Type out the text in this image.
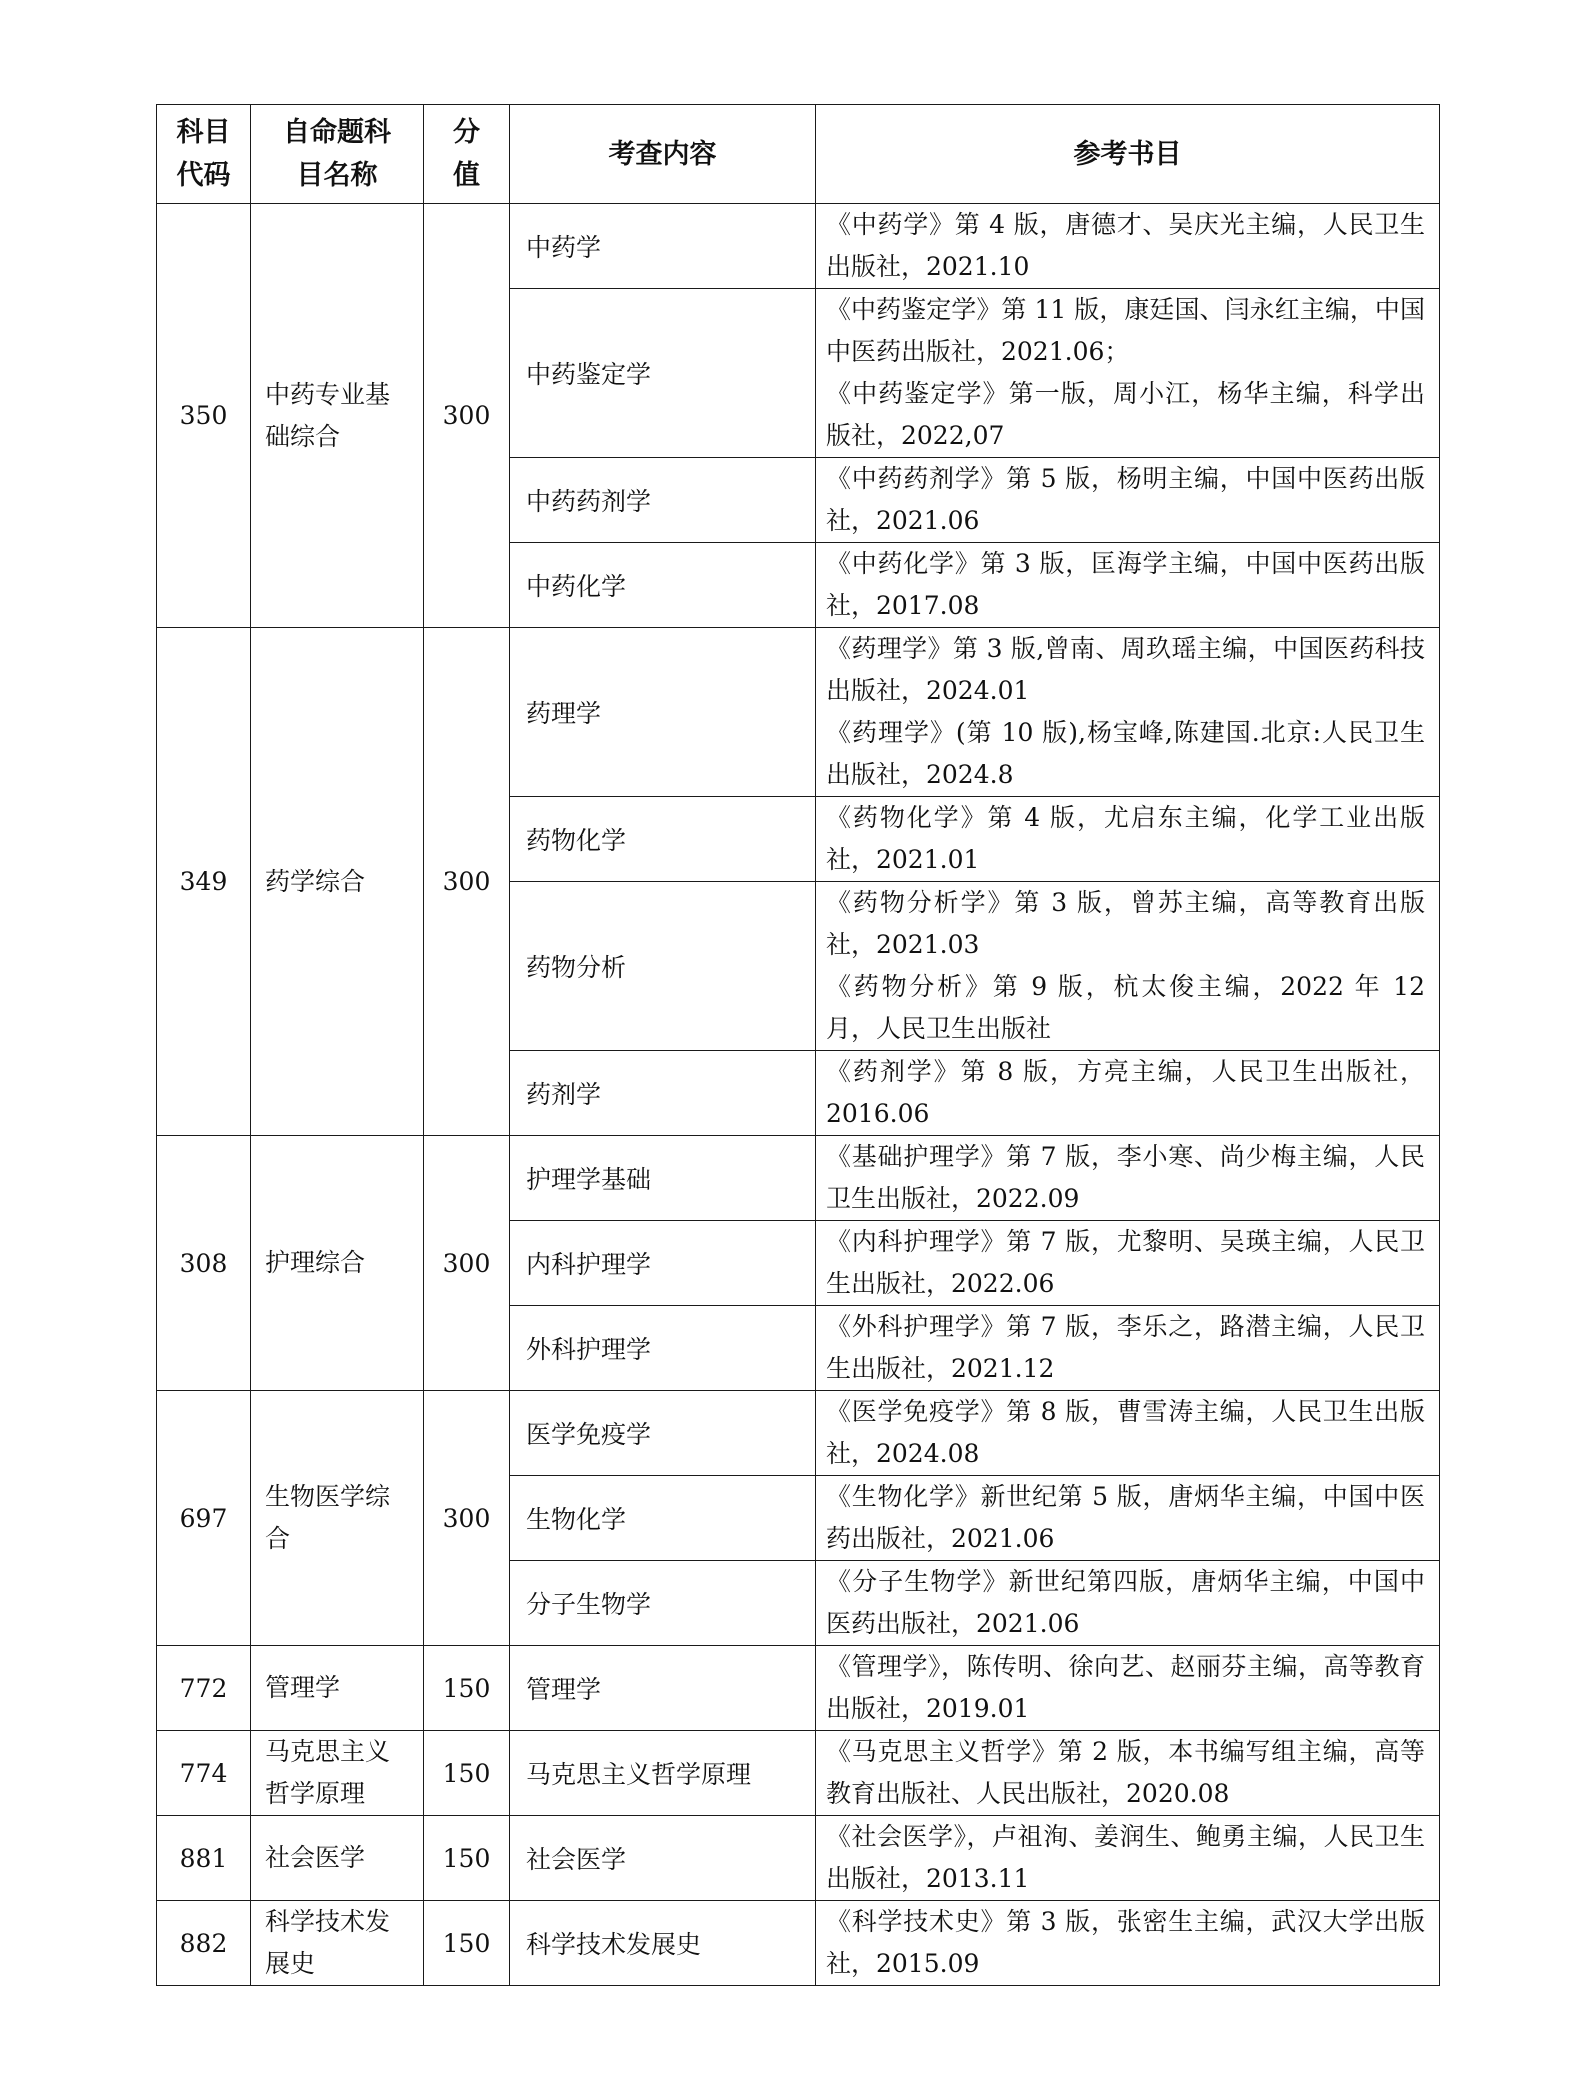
科目代码	自命题科目名称	分值	考查内容	参考书目
350	中药专业基础综合	300	中药学	《中药学》第 4 版，唐德才、吴庆光主编，人民卫生出版社，2021.10

			中药鉴定学	《中药鉴定学》第 11 版，康廷国、闫永红主编，中国中医药出版社，2021.06；
《中药鉴定学》第一版，周小江，杨华主编，科学出版社，2022,07

			中药药剂学	《中药药剂学》第 5 版，杨明主编，中国中医药出版社，2021.06

			中药化学	《中药化学》第 3 版，匡海学主编，中国中医药出版社，2017.08

349	药学综合	300	药理学	《药理学》第 3 版,曾南、周玖瑶主编，中国医药科技出版社，2024.01
《药理学》(第 10 版),杨宝峰,陈建国.北京:人民卫生出版社，2024.8

			药物化学	《药物化学》第 4 版，尤启东主编，化学工业出版社，2021.01

			药物分析	《药物分析学》第 3 版，曾苏主编，高等教育出版社，2021.03
《药物分析》第 9 版，杭太俊主编，2022 年 12 月，人民卫生出版社

			药剂学	《药剂学》第 8 版，方亮主编，人民卫生出版社，2016.06

308	护理综合	300	护理学基础	《基础护理学》第 7 版，李小寒、尚少梅主编，人民卫生出版社，2022.09

			内科护理学	《内科护理学》第 7 版，尤黎明、吴瑛主编，人民卫生出版社，2022.06

			外科护理学	《外科护理学》第 7 版，李乐之，路潜主编，人民卫生出版社，2021.12

697	生物医学综合	300	医学免疫学	《医学免疫学》第 8 版，曹雪涛主编，人民卫生出版社，2024.08

			生物化学	《生物化学》新世纪第 5 版，唐炳华主编，中国中医药出版社，2021.06

			分子生物学	《分子生物学》新世纪第四版，唐炳华主编，中国中医药出版社，2021.06

772	管理学	150	管理学	《管理学》，陈传明、徐向艺、赵丽芬主编，高等教育出版社，2019.01

774	马克思主义哲学原理	150	马克思主义哲学原理	《马克思主义哲学》第 2 版，本书编写组主编，高等教育出版社、人民出版社，2020.08

881	社会医学	150	社会医学	《社会医学》，卢祖洵、姜润生、鲍勇主编，人民卫生出版社，2013.11

882	科学技术发展史	150	科学技术发展史	《科学技术史》第 3 版，张密生主编，武汉大学出版社，2015.09
